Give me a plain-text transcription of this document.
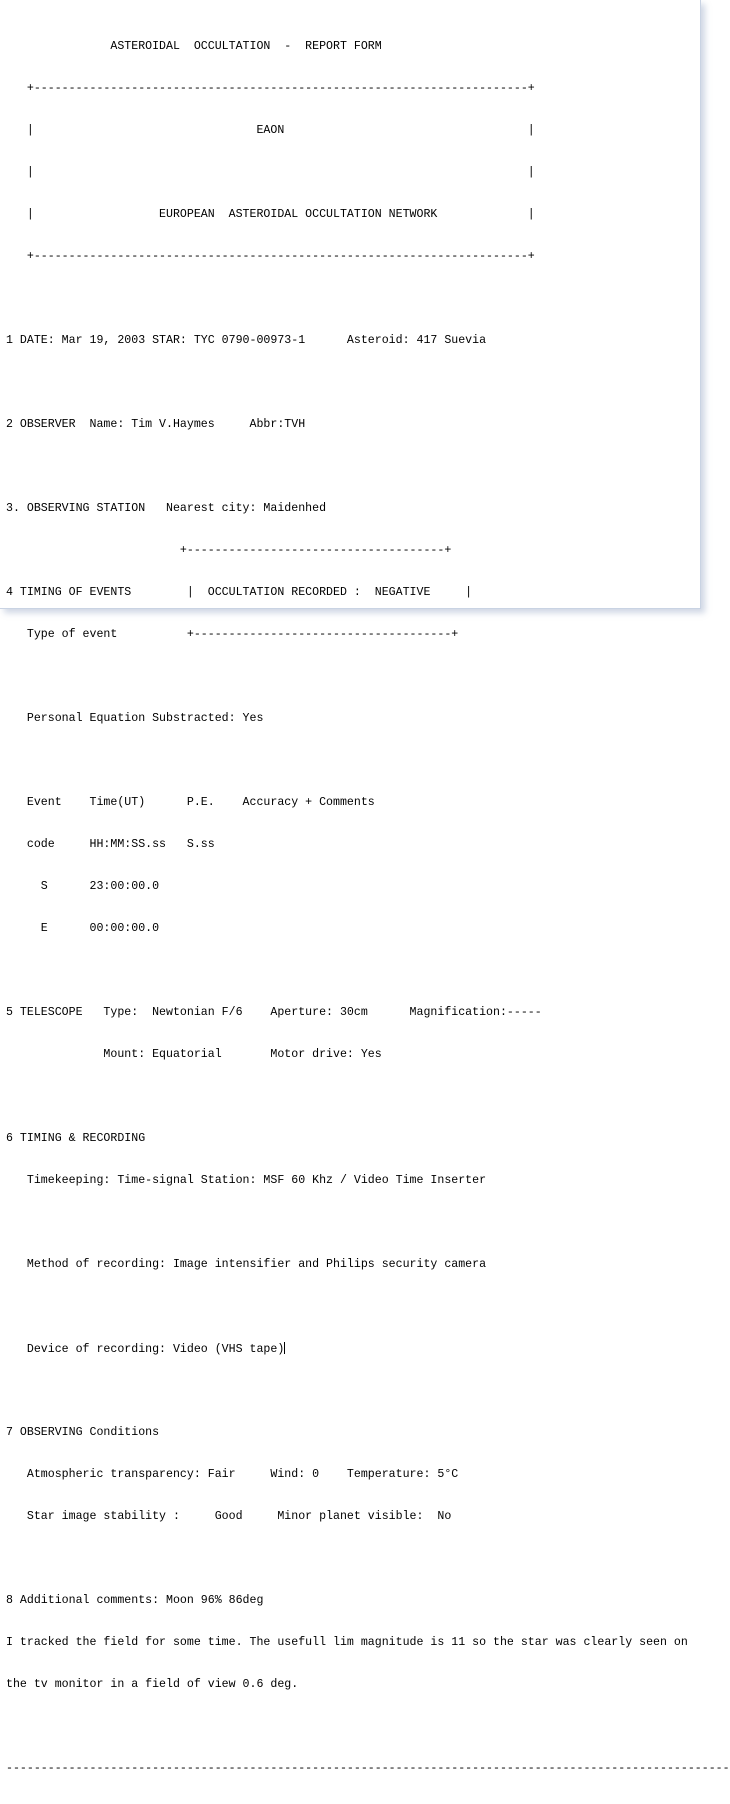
ASTEROIDAL  OCCULTATION  -  REPORT FORM

+-----------------------------------------------------------------------+

|                                EAON                                   |

|                                                                       |

|                  EUROPEAN  ASTEROIDAL OCCULTATION NETWORK             |

+-----------------------------------------------------------------------+

1 DATE: Mar 19, 2003 STAR: TYC 0790-00973-1      Asteroid: 417 Suevia

2 OBSERVER  Name: Tim V.Haymes     Abbr:TVH

3. OBSERVING STATION   Nearest city: Maidenhed

+-------------------------------------+

4 TIMING OF EVENTS        |  OCCULTATION RECORDED :  NEGATIVE     |

Type of event          +-------------------------------------+

Personal Equation Substracted: Yes

Event    Time(UT)      P.E.    Accuracy + Comments

code     HH:MM:SS.ss   S.ss

S      23:00:00.0

E      00:00:00.0

5 TELESCOPE   Type:  Newtonian F/6    Aperture: 30cm      Magnification:-----

Mount: Equatorial       Motor drive: Yes

6 TIMING & RECORDING

Timekeeping: Time-signal Station: MSF 60 Khz / Video Time Inserter

Method of recording: Image intensifier and Philips security camera

Device of recording: Video (VHS tape)

7 OBSERVING Conditions

Atmospheric transparency: Fair     Wind: 0    Temperature: 5°C

Star image stability :     Good     Minor planet visible:  No

8 Additional comments: Moon 96% 86deg

I tracked the field for some time. The usefull lim magnitude is 11 so the star was clearly seen on

the tv monitor in a field of view 0.6 deg.

--------------------------------------------------------------------------------------------------------
